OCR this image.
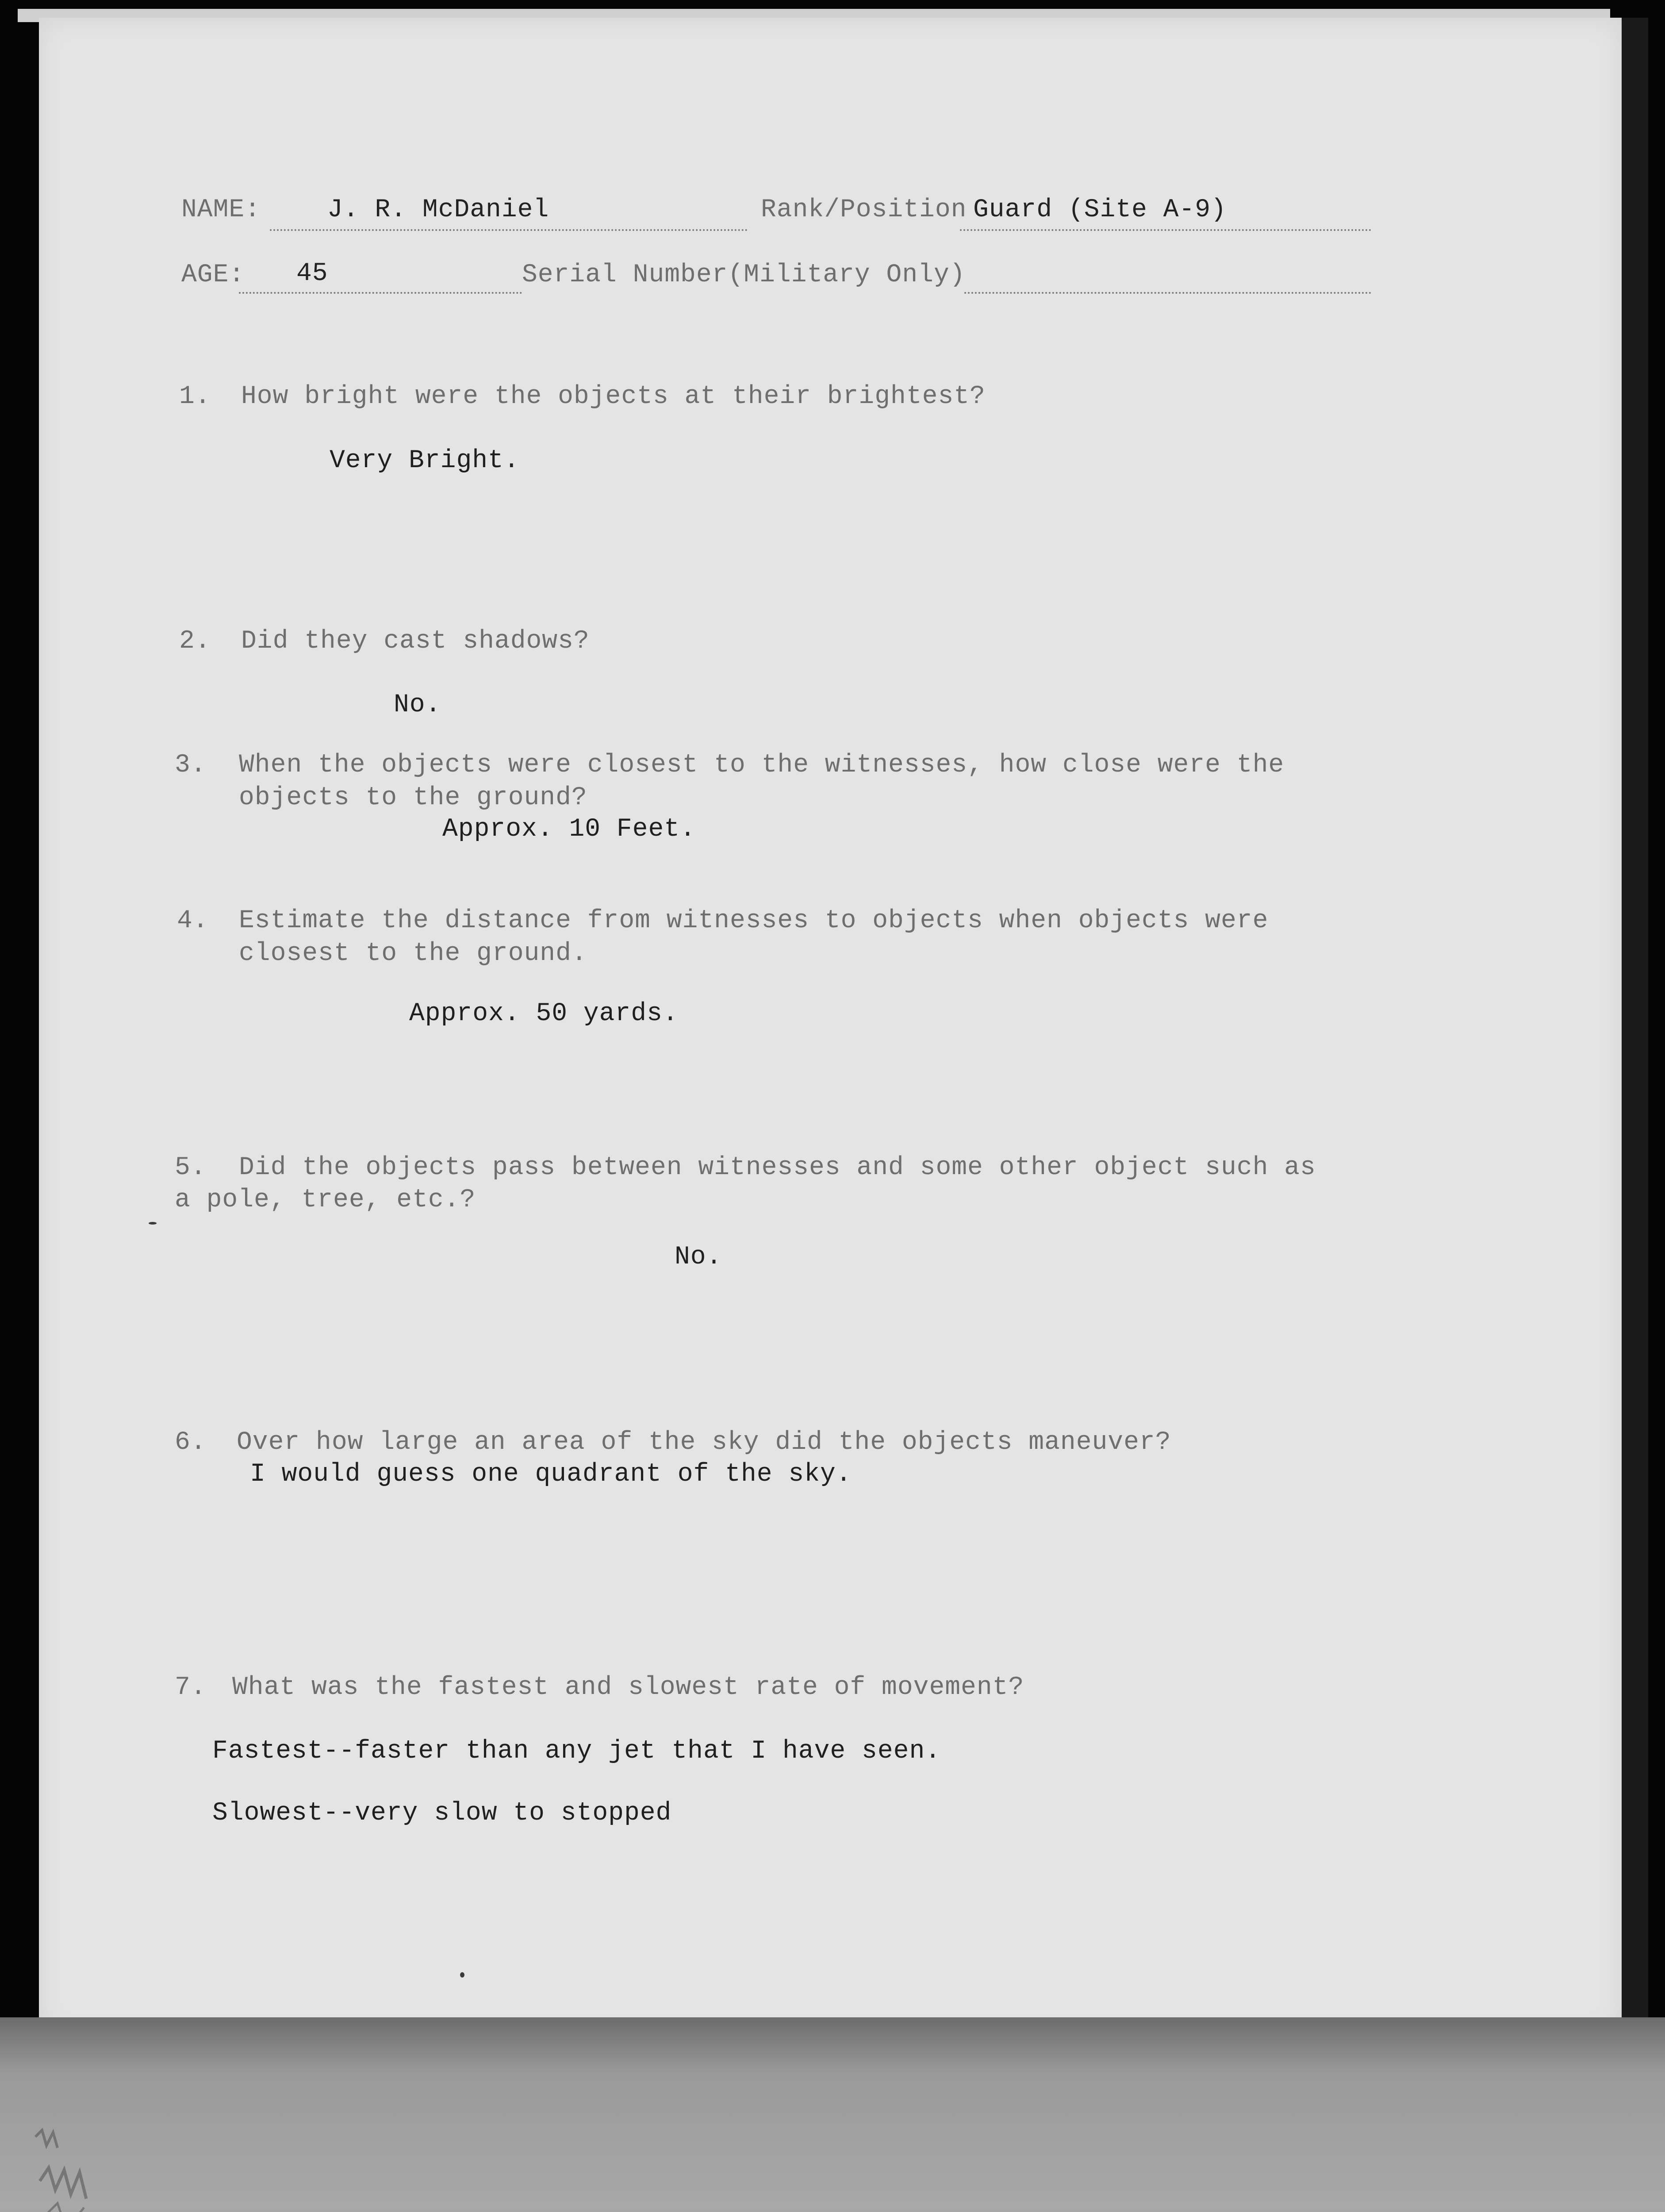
NAME:	J. R. McDaniel	Rank/Position Guard (Site A-9)
AGE: 45	Serial Number(Military Only)
1. How bright were the objects at their brightest?
Very Bright.
2. Did they cast shadows?
No.
3. When the objects were closest to the witnesses, how close were the
objects to the ground?
Approx. 10 Feet.
4. Estimate the distance from witnesses to objects when objects were
closest to the ground.
Approx. 50 yards.
5. Did the objects pass between witnesses and some other object such as
a pole, tree, etc.?
No.
6. Over how large an area of the sky did the objects maneuver?
I would guess one quadrant of the sky.
7. What was the fastest and slowest rate of movement?
Fastest--faster than any jet that I have seen.
Slowest--very slow to stopped
